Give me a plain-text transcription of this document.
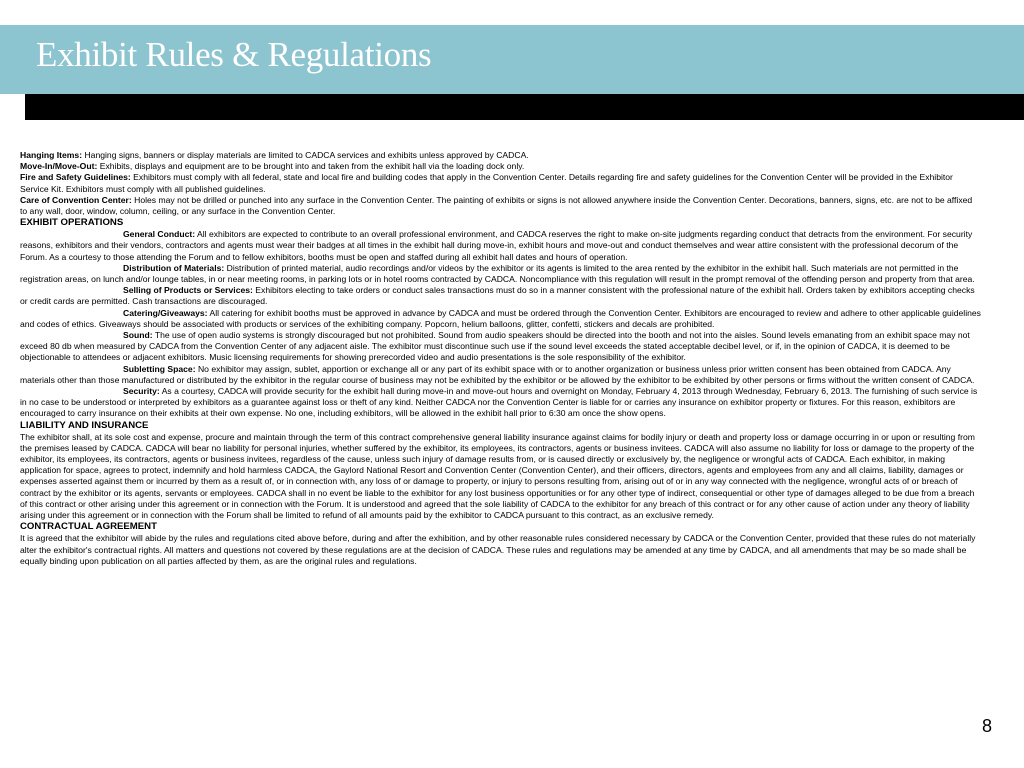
Exhibit Rules & Regulations

Hanging Items: Hanging signs, banners or display materials are limited to CADCA services and exhibits unless approved by CADCA.

Move-In/Move-Out: Exhibits, displays and equipment are to be brought into and taken from the exhibit hall via the loading dock only.

Fire and Safety Guidelines: Exhibitors must comply with all federal, state and local fire and building codes that apply in the Convention Center. Details regarding fire and safety guidelines for the Convention Center will be provided in the Exhibitor Service Kit. Exhibitors must comply with all published guidelines.

Care of Convention Center: Holes may not be drilled or punched into any surface in the Convention Center. The painting of exhibits or signs is not allowed anywhere inside the Convention Center. Decorations, banners, signs, etc. are not to be affixed to any wall, door, window, column, ceiling, or any surface in the Convention Center.

EXHIBIT OPERATIONS

General Conduct: All exhibitors are expected to contribute to an overall professional environment, and CADCA reserves the right to make on-site judgments regarding conduct that detracts from the environment. For security reasons, exhibitors and their vendors, contractors and agents must wear their badges at all times in the exhibit hall during move-in, exhibit hours and move-out and conduct themselves and wear attire consistent with the professional decorum of the Forum. As a courtesy to those attending the Forum and to fellow exhibitors, booths must be open and staffed during all exhibit hall dates and hours of operation.

Distribution of Materials: Distribution of printed material, audio recordings and/or videos by the exhibitor or its agents is limited to the area rented by the exhibitor in the exhibit hall. Such materials are not permitted in the registration areas, on lunch and/or lounge tables, in or near meeting rooms, in parking lots or in hotel rooms contracted by CADCA. Noncompliance with this regulation will result in the prompt removal of the offending person and property from that area.

Selling of Products or Services: Exhibitors electing to take orders or conduct sales transactions must do so in a manner consistent with the professional nature of the exhibit hall. Orders taken by exhibitors accepting checks or credit cards are permitted. Cash transactions are discouraged.

Catering/Giveaways: All catering for exhibit booths must be approved in advance by CADCA and must be ordered through the Convention Center. Exhibitors are encouraged to review and adhere to other applicable guidelines and codes of ethics. Giveaways should be associated with products or services of the exhibiting company. Popcorn, helium balloons, glitter, confetti, stickers and decals are prohibited.

Sound: The use of open audio systems is strongly discouraged but not prohibited. Sound from audio speakers should be directed into the booth and not into the aisles. Sound levels emanating from an exhibit space may not exceed 80 db when measured by CADCA from the Convention Center of any adjacent aisle. The exhibitor must discontinue such use if the sound level exceeds the stated acceptable decibel level, or if, in the opinion of CADCA, it is deemed to be objectionable to attendees or adjacent exhibitors. Music licensing requirements for showing prerecorded video and audio presentations is the sole responsibility of the exhibitor.

Subletting Space: No exhibitor may assign, sublet, apportion or exchange all or any part of its exhibit space with or to another organization or business unless prior written consent has been obtained from CADCA. Any materials other than those manufactured or distributed by the exhibitor in the regular course of business may not be exhibited by the exhibitor or be allowed by the exhibitor to be exhibited by other persons or firms without the written consent of CADCA.

Security: As a courtesy, CADCA will provide security for the exhibit hall during move-in and move-out hours and overnight on Monday, February 4, 2013 through Wednesday, February 6, 2013. The furnishing of such service is in no case to be understood or interpreted by exhibitors as a guarantee against loss or theft of any kind. Neither CADCA nor the Convention Center is liable for or carries any insurance on exhibitor property or fixtures. For this reason, exhibitors are encouraged to carry insurance on their exhibits at their own expense. No one, including exhibitors, will be allowed in the exhibit hall prior to 6:30 am once the show opens.

LIABILITY AND INSURANCE

The exhibitor shall, at its sole cost and expense, procure and maintain through the term of this contract comprehensive general liability insurance against claims for bodily injury or death and property loss or damage occurring in or upon or resulting from the premises leased by CADCA. CADCA will bear no liability for personal injuries, whether suffered by the exhibitor, its employees, its contractors, agents or business invitees. CADCA will also assume no liability for loss or damage to the property of the exhibitor, its employees, its contractors, agents or business invitees, regardless of the cause, unless such injury of damage results from, or is caused directly or exclusively by, the negligence or wrongful acts of CADCA. Each exhibitor, in making application for space, agrees to protect, indemnify and hold harmless CADCA, the Gaylord National Resort and Convention Center (Convention Center), and their officers, directors, agents and employees from any and all claims, liability, damages or expenses asserted against them or incurred by them as a result of, or in connection with, any loss of or damage to property, or injury to persons resulting from, arising out of or in any way connected with the negligence, wrongful acts of or breach of contract by the exhibitor or its agents, servants or employees. CADCA shall in no event be liable to the exhibitor for any lost business opportunities or for any other type of indirect, consequential or other type of damages alleged to be due from a breach of this contract or other arising under this agreement or in connection with the Forum. It is understood and agreed that the sole liability of CADCA to the exhibitor for any breach of this contract or for any other cause of action under any theory of liability arising under this agreement or in connection with the Forum shall be limited to refund of all amounts paid by the exhibitor to CADCA pursuant to this contract, as an exclusive remedy.

CONTRACTUAL AGREEMENT

It is agreed that the exhibitor will abide by the rules and regulations cited above before, during and after the exhibition, and by other reasonable rules considered necessary by CADCA or the Convention Center, provided that these rules do not materially alter the exhibitor's contractual rights. All matters and questions not covered by these regulations are at the decision of CADCA. These rules and regulations may be amended at any time by CADCA, and all amendments that may be so made shall be equally binding upon publication on all parties affected by them, as are the original rules and regulations.

8
